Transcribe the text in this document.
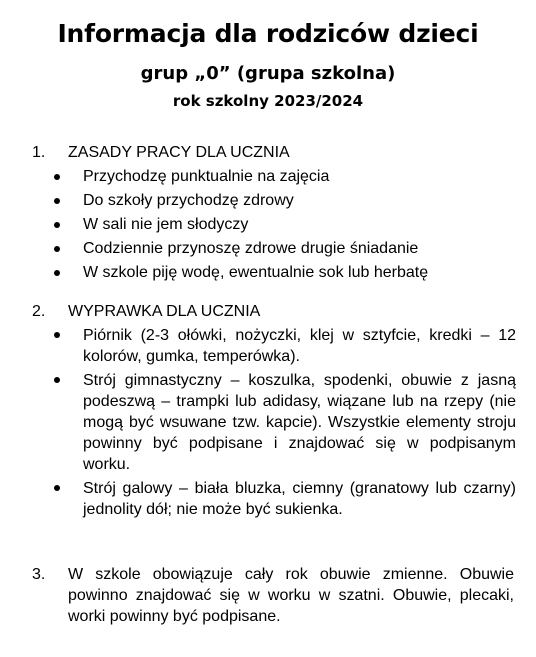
Informacja dla rodziców dzieci
grup „0” (grupa szkolna)
rok szkolny 2023/2024
1. ZASADY PRACY DLA UCZNIA
Przychodzę punktualnie na zajęcia
Do szkoły przychodzę zdrowy
W sali nie jem słodyczy
Codziennie przynoszę zdrowe drugie śniadanie
W szkole piję wodę, ewentualnie sok lub herbatę
2. WYPRAWKA DLA UCZNIA
Piórnik (2-3 ołówki, nożyczki, klej w sztyfcie, kredki – 12 kolorów, gumka, temperówka).
Strój gimnastyczny – koszulka, spodenki, obuwie z jasną podeszwą – trampki lub adidasy, wiązane lub na rzepy (nie mogą być wsuwane tzw. kapcie). Wszystkie elementy stroju powinny być podpisane i znajdować się w podpisanym worku.
Strój galowy – biała bluzka, ciemny (granatowy lub czarny) jednolity dół; nie może być sukienka.
3. W szkole obowiązuje cały rok obuwie zmienne. Obuwie powinno znajdować się w worku w szatni. Obuwie, plecaki, worki powinny być podpisane.
